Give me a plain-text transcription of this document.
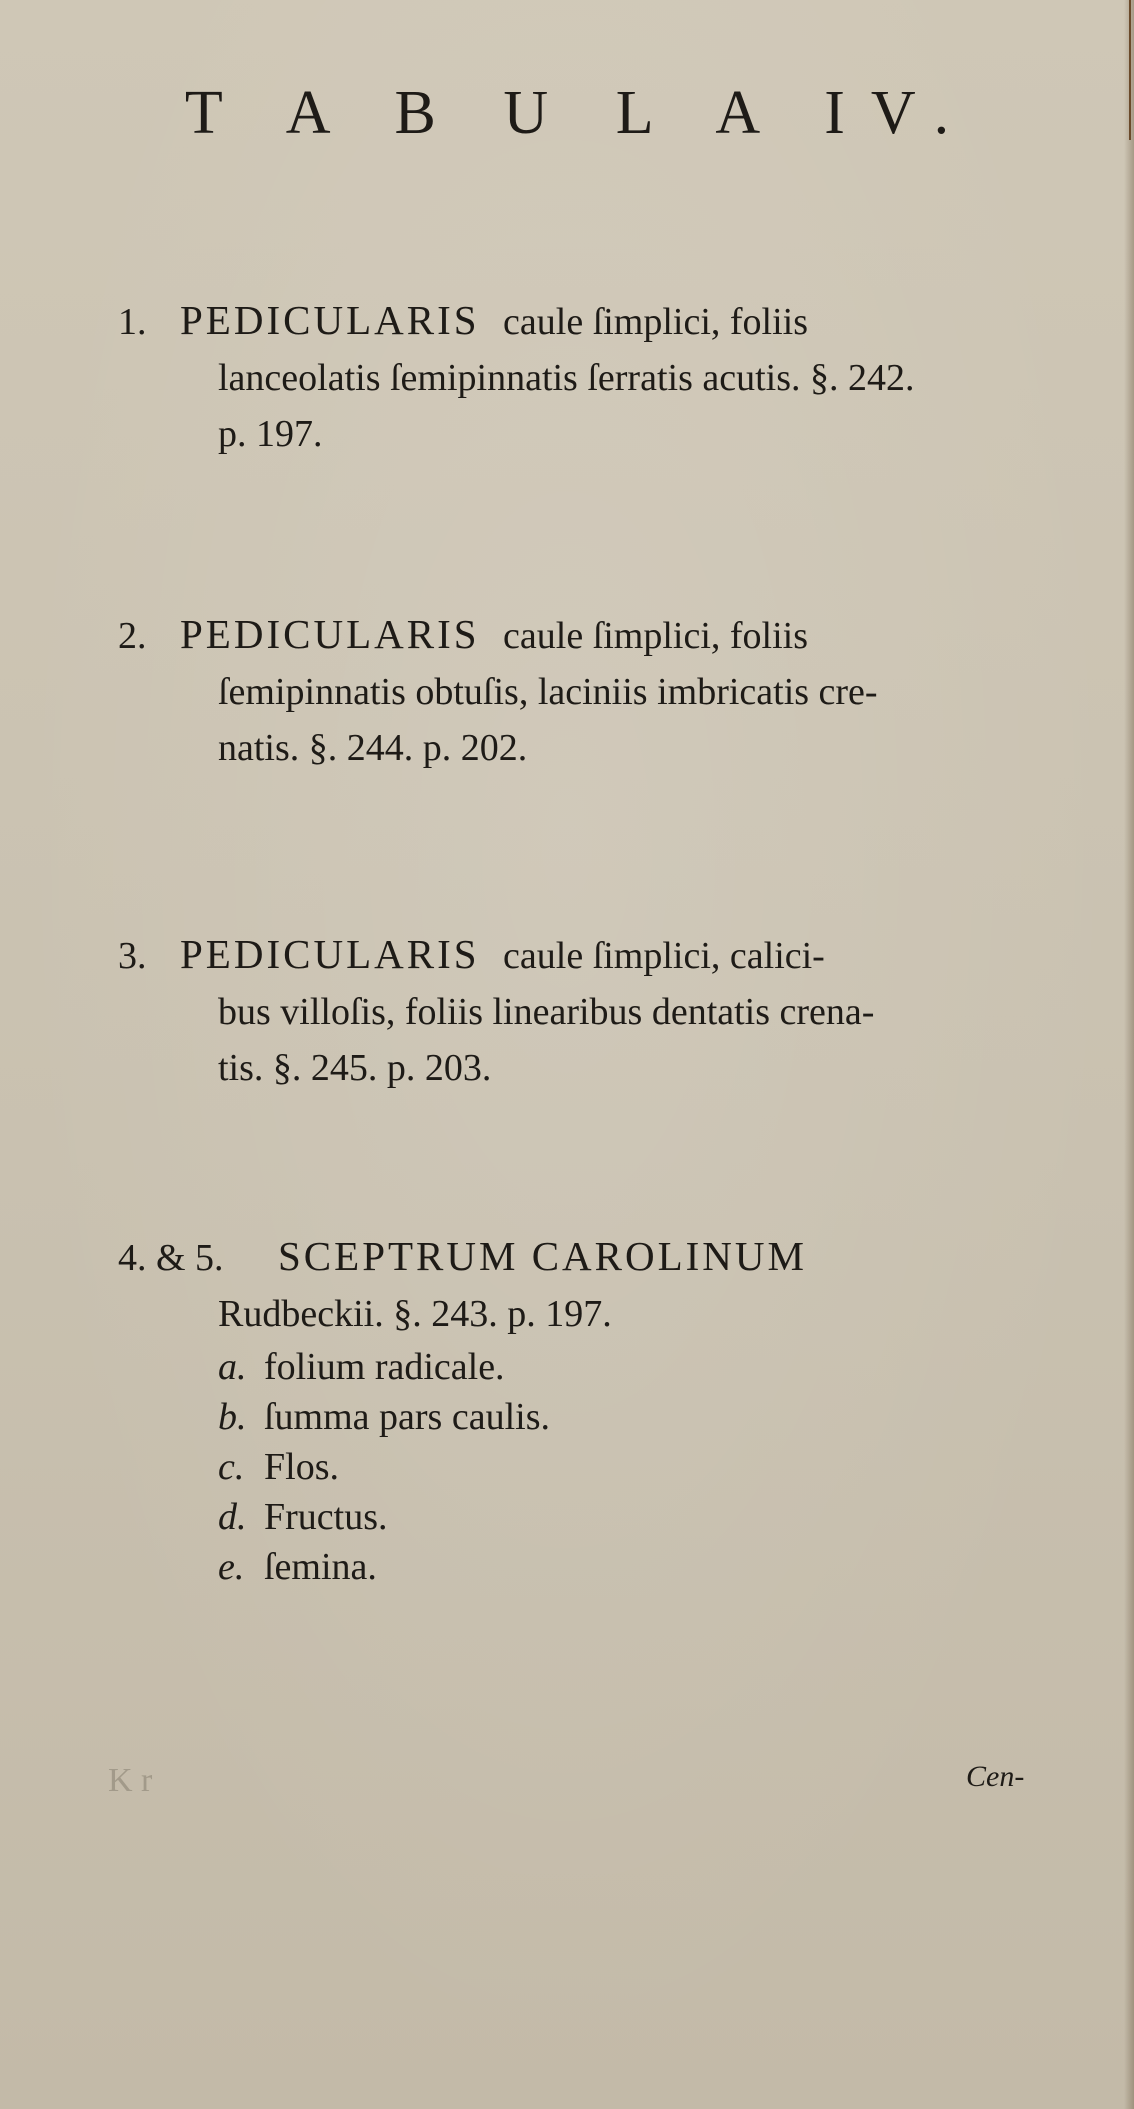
T A B U L A IV.
1. PEDICULARIS caule ſimplici, foliis
lanceolatis ſemipinnatis ſerratis acutis. §. 242.
p. 197.
2. PEDICULARIS caule ſimplici, foliis
ſemipinnatis obtuſis, laciniis imbricatis cre-
natis. §. 244. p. 202.
3. PEDICULARIS caule ſimplici, calici-
bus villoſis, foliis linearibus dentatis crena-
tis. §. 245. p. 203.
4. & 5. SCEPTRUM CAROLINUM
Rudbeckii. §. 243. p. 197.
a. folium radicale.
b. ſumma pars caulis.
c. Flos.
d. Fructus.
e. ſemina.
K r	Cen-
